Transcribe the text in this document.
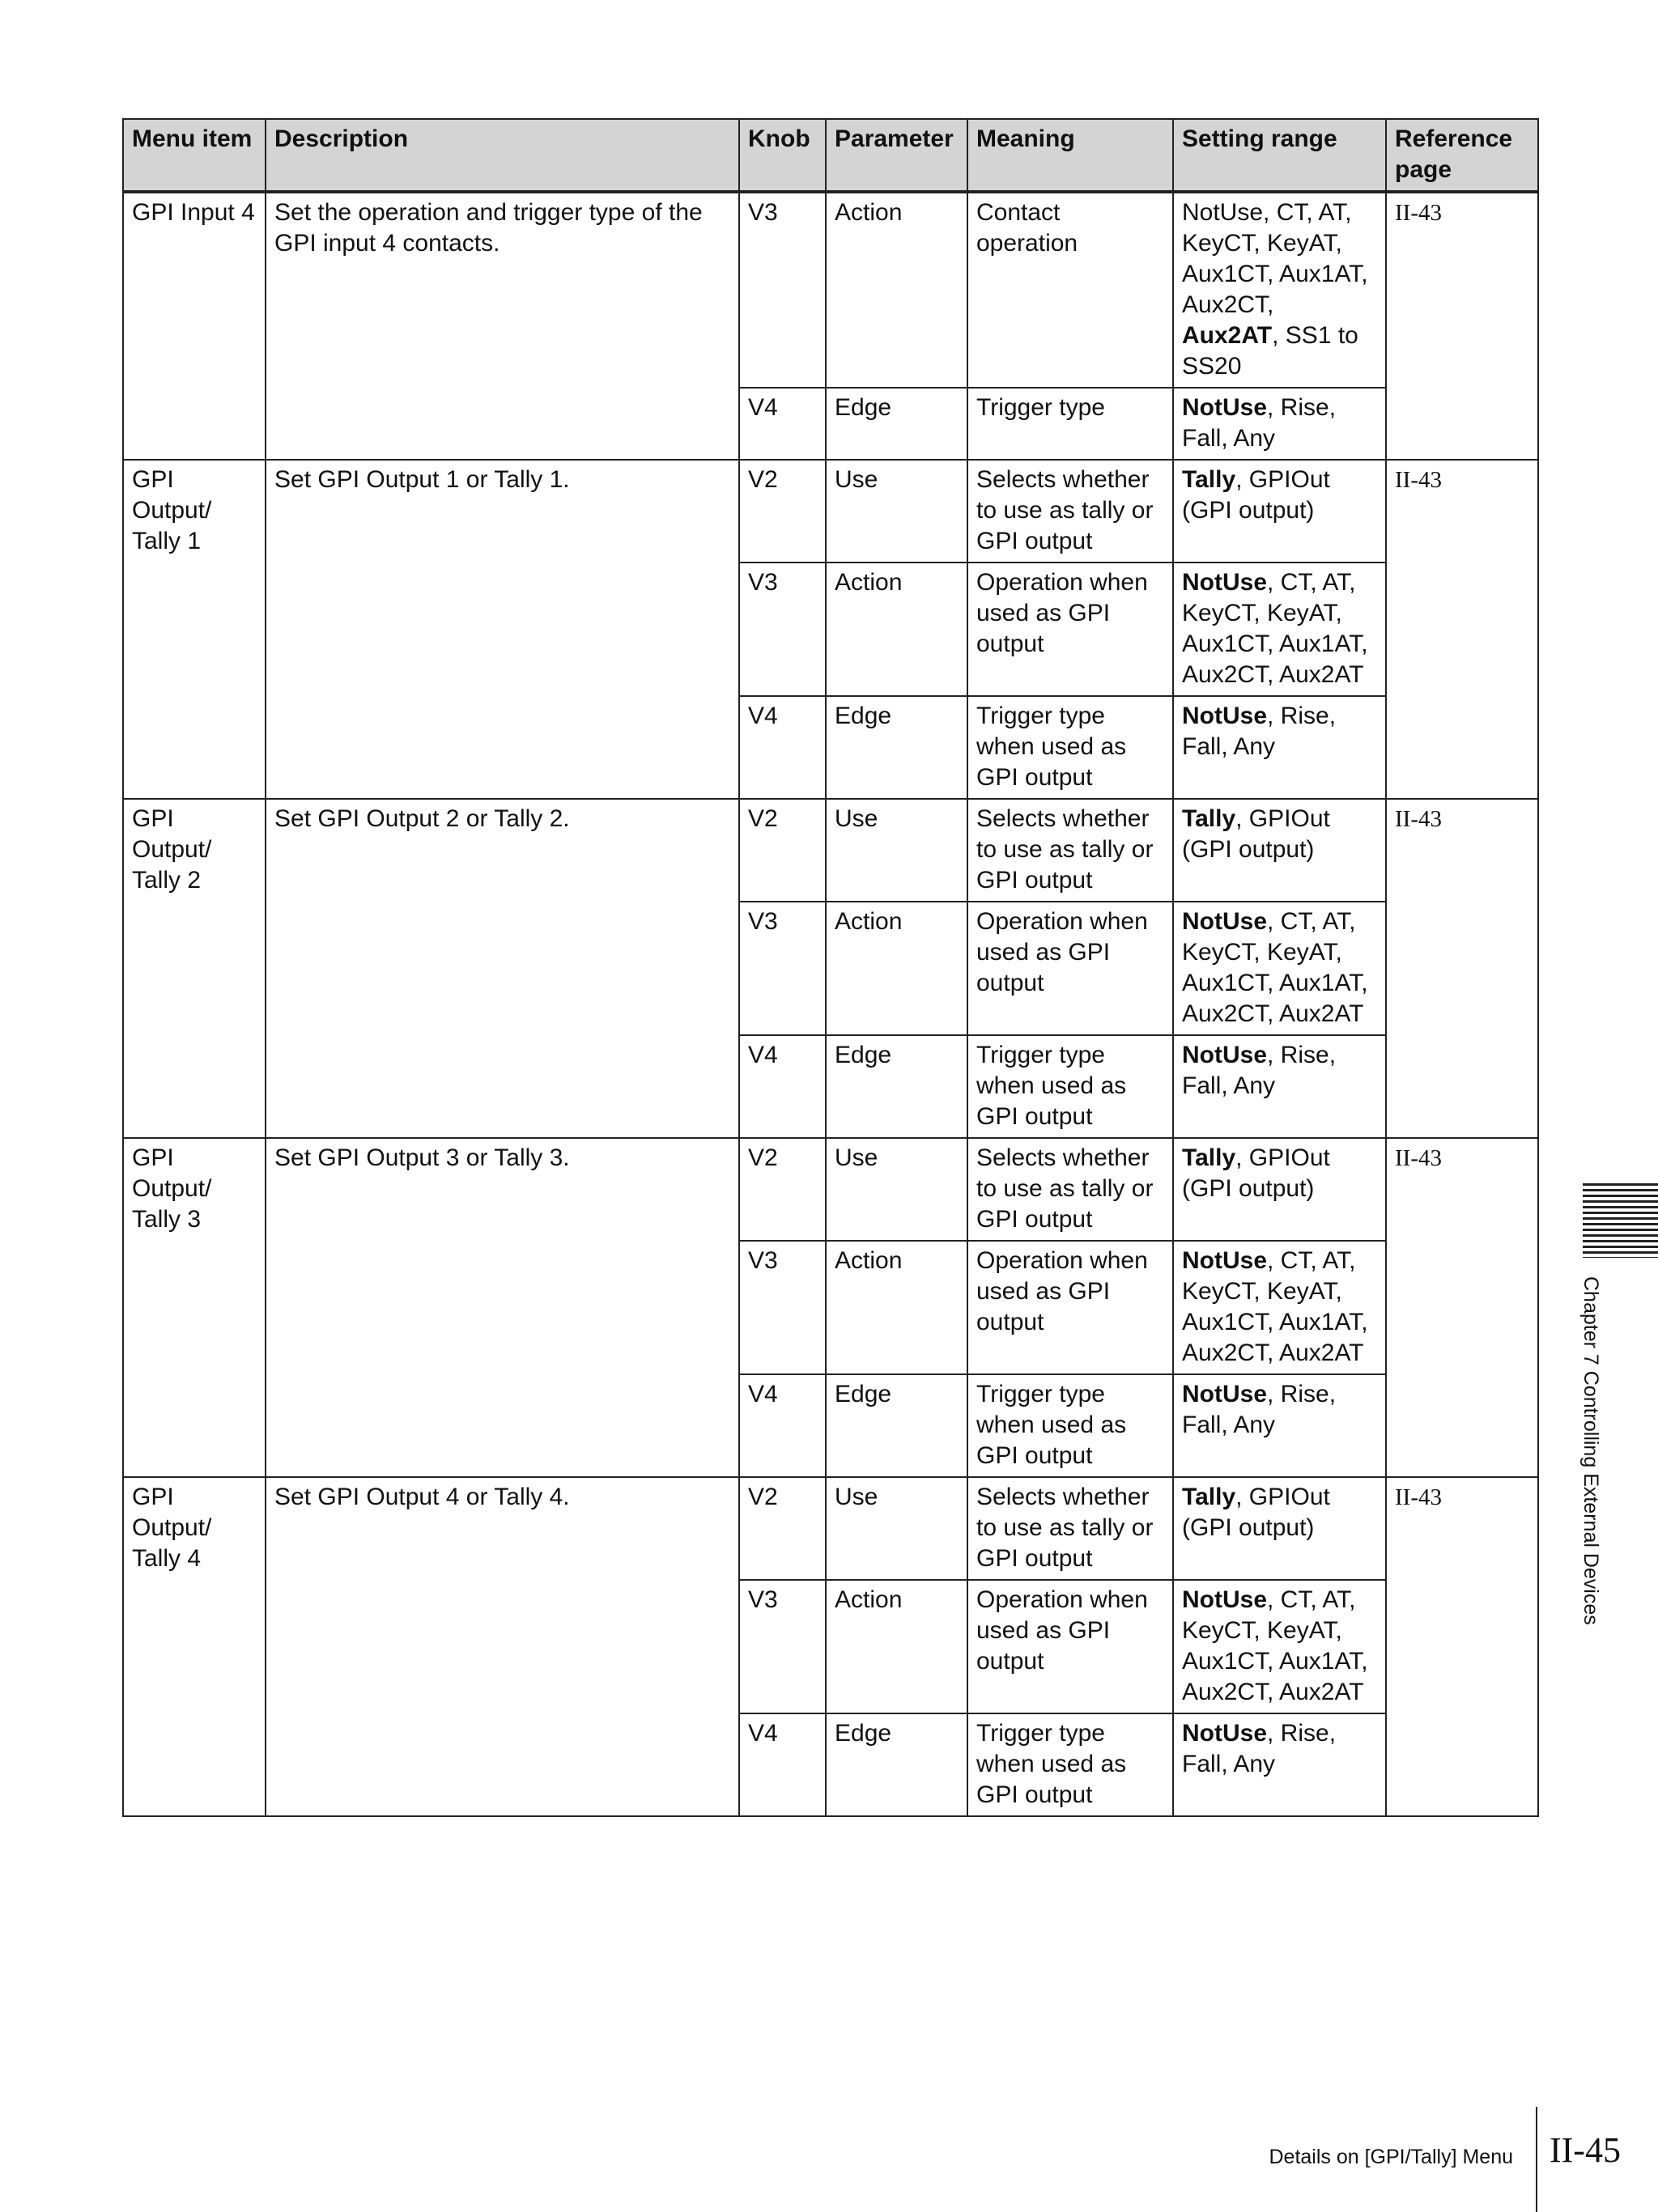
Menu item	Description	Knob	Parameter	Meaning	Setting range	Reference page
GPI Input 4	Set the operation and trigger type of the GPI input 4 contacts.	V3	Action	Contact operation	NotUse, CT, AT, KeyCT, KeyAT, Aux1CT, Aux1AT, Aux2CT, Aux2AT, SS1 to SS20	II-43
		V4	Edge	Trigger type	NotUse, Rise, Fall, Any	
GPI Output/ Tally 1	Set GPI Output 1 or Tally 1.	V2	Use	Selects whether to use as tally or GPI output	Tally, GPIOut (GPI output)	II-43
		V3	Action	Operation when used as GPI output	NotUse, CT, AT, KeyCT, KeyAT, Aux1CT, Aux1AT, Aux2CT, Aux2AT	
		V4	Edge	Trigger type when used as GPI output	NotUse, Rise, Fall, Any	
GPI Output/ Tally 2	Set GPI Output 2 or Tally 2.	V2	Use	Selects whether to use as tally or GPI output	Tally, GPIOut (GPI output)	II-43
		V3	Action	Operation when used as GPI output	NotUse, CT, AT, KeyCT, KeyAT, Aux1CT, Aux1AT, Aux2CT, Aux2AT	
		V4	Edge	Trigger type when used as GPI output	NotUse, Rise, Fall, Any	
GPI Output/ Tally 3	Set GPI Output 3 or Tally 3.	V2	Use	Selects whether to use as tally or GPI output	Tally, GPIOut (GPI output)	II-43
		V3	Action	Operation when used as GPI output	NotUse, CT, AT, KeyCT, KeyAT, Aux1CT, Aux1AT, Aux2CT, Aux2AT	
		V4	Edge	Trigger type when used as GPI output	NotUse, Rise, Fall, Any	
GPI Output/ Tally 4	Set GPI Output 4 or Tally 4.	V2	Use	Selects whether to use as tally or GPI output	Tally, GPIOut (GPI output)	II-43
		V3	Action	Operation when used as GPI output	NotUse, CT, AT, KeyCT, KeyAT, Aux1CT, Aux1AT, Aux2CT, Aux2AT	
		V4	Edge	Trigger type when used as GPI output	NotUse, Rise, Fall, Any	
Chapter 7 Controlling External Devices
Details on [GPI/Tally] Menu II-45
